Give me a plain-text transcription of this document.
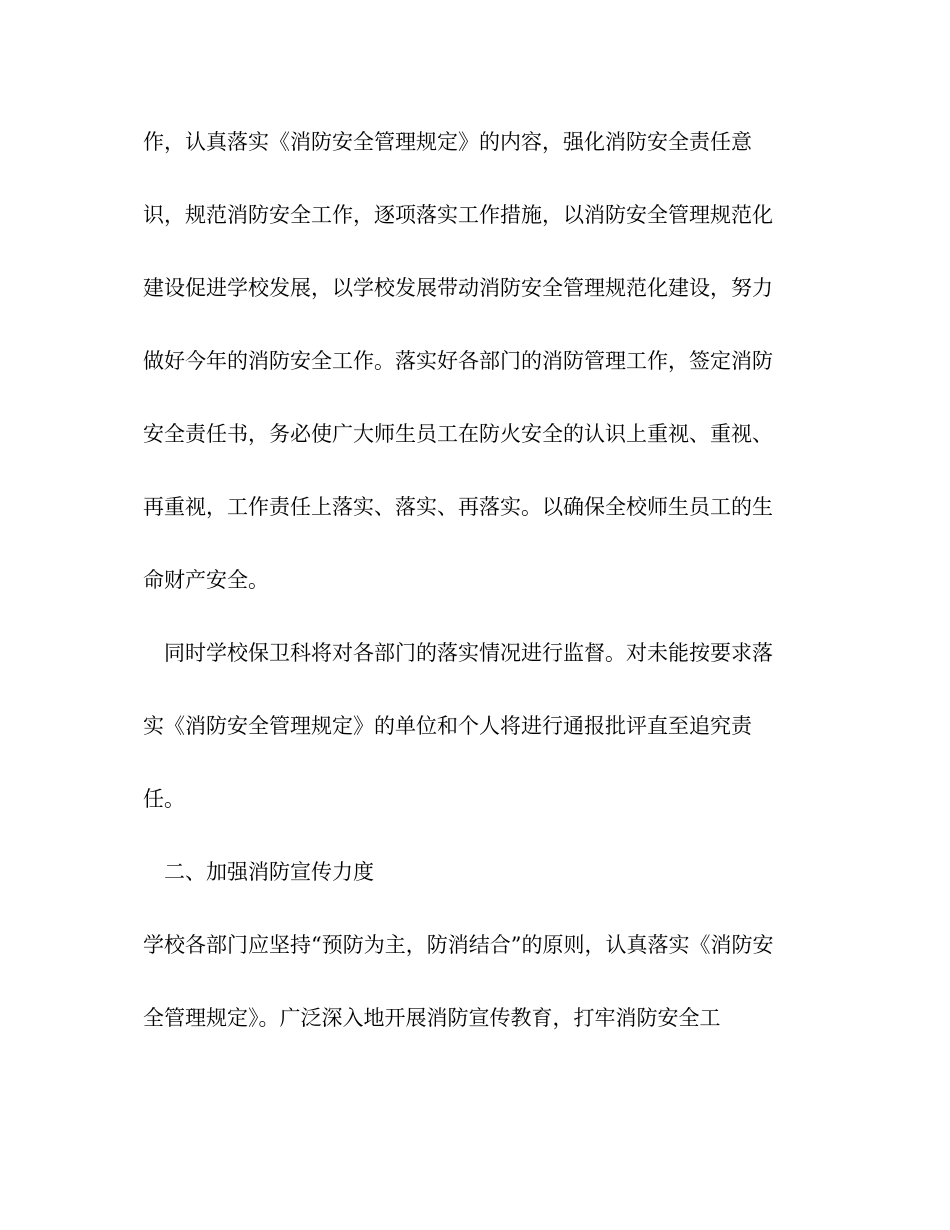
作，认真落实《消防安全管理规定》的内容，强化消防安全责任意
识，规范消防安全工作，逐项落实工作措施，以消防安全管理规范化
建设促进学校发展，以学校发展带动消防安全管理规范化建设，努力
做好今年的消防安全工作。落实好各部门的消防管理工作，签定消防
安全责任书，务必使广大师生员工在防火安全的认识上重视、重视、
再重视，工作责任上落实、落实、再落实。以确保全校师生员工的生
命财产安全。
同时学校保卫科将对各部门的落实情况进行监督。对未能按要求落
实《消防安全管理规定》的单位和个人将进行通报批评直至追究责
任。
二、加强消防宣传力度
学校各部门应坚持“预防为主，防消结合”的原则，认真落实《消防安
全管理规定》。广泛深入地开展消防宣传教育，打牢消防安全工
